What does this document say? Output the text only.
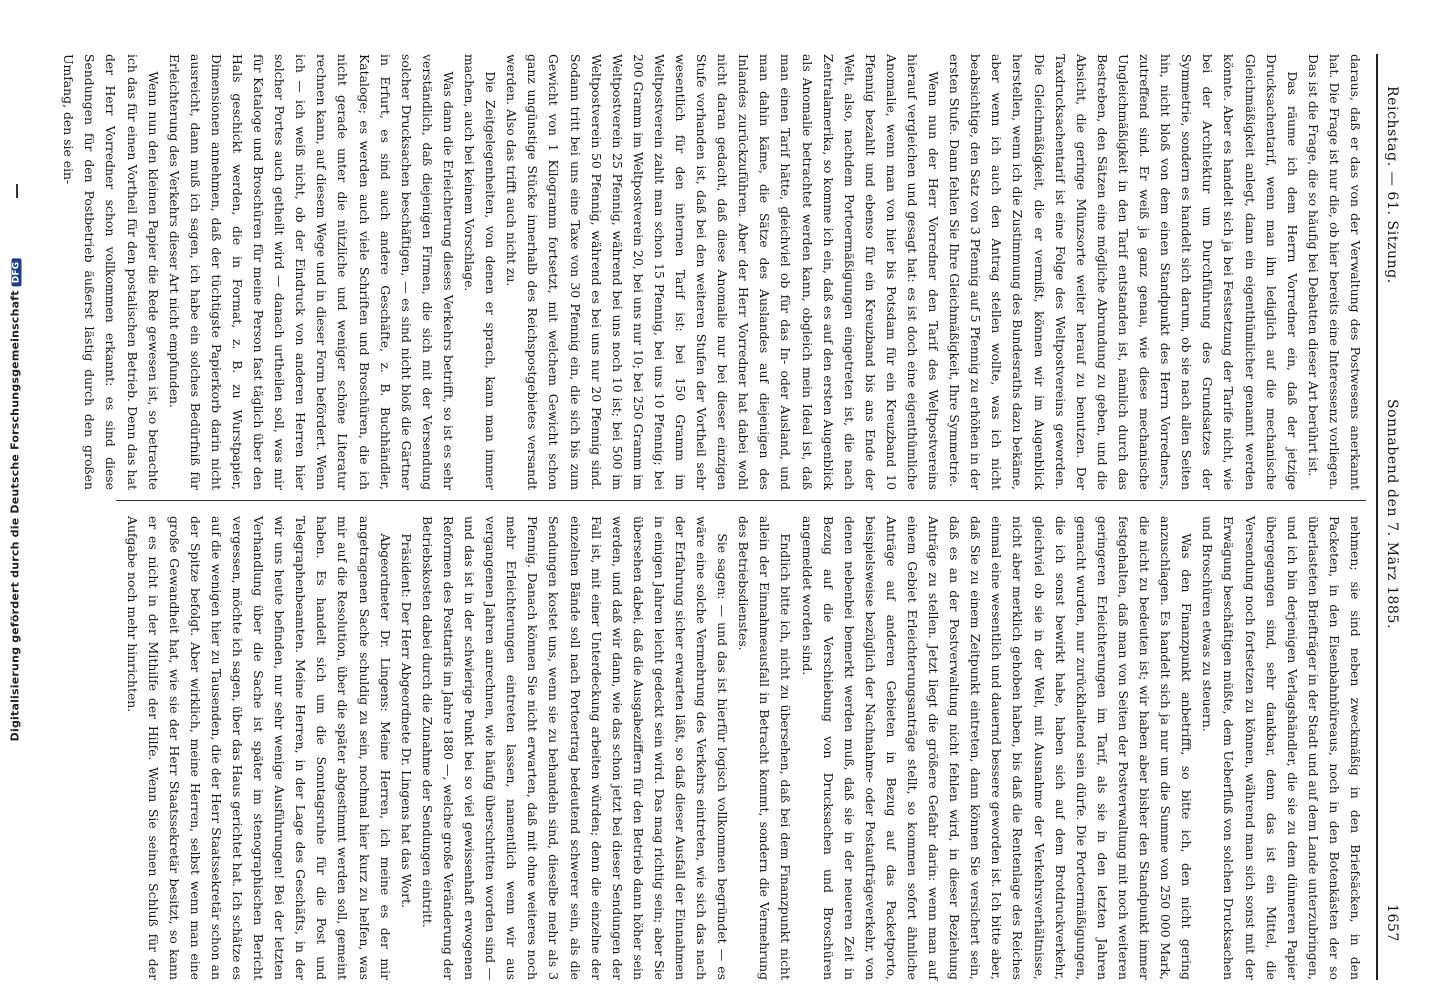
Digitalisierung gefördert durch die Deutsche ForschungsgemeinschaftDFG	Reichstag. — 61. Sitzung.
Sonnabend den 7. März 1885.
1657

daraus, daß er das von der Verwaltung des Postwesens anerkannt hat. Die Frage ist nur die, ob hier bereits eine Interessenz vorliegen. Das ist die Frage, die so häufig bei Debatten dieser Art berührt ist.

Das räume ich dem Herrn Vorredner ein, daß der jetzige Drucksachentarif, wenn man ihn lediglich auf die mechanische Gleichmäßigkeit anlegt, dann ein eigenthümlicher genannt werden könnte. Aber es handelt sich ja bei Festsetzung der Tarife nicht, wie bei der Architektur um Durchführung des Grundsatzes der Symmetrie, sondern es handelt sich darum, ob sie nach allen Seiten hin, nicht bloß von dem einen Standpunkt des Herrn Vorredners, zutreffend sind. Er weiß ja ganz genau, wie diese mechanische Ungleichmäßigkeit in den Tarif entstanden ist, nämlich durch das Bestreben, den Sätzen eine mögliche Abrundung zu geben, und die Absicht, die geringe Münzsorte weiter herauf zu benutzen. Der Taxdrucksachentarif ist eine Folge des Weltpostvereins geworden. Die Gleichmäßigkeit, die er vermißt, können wir im Augenblick herstellen, wenn ich die Zustimmung des Bundesraths dazu bekäme, aber wenn ich auch den Antrag stellen wollte, was ich nicht beabsichtige, den Satz von 3 Pfennig auf 5 Pfennig zu erhöhen in der ersten Stufe. Dann fehlen Sie Ihre Gleichmäßigkeit, Ihre Symmetrie.

Wenn nun der Herr Vorredner den Tarif des Weltpostvereins hierauf vergleichen und gesagt hat: es ist doch eine eigenthümliche Anomalie, wenn man von hier bis Potsdam für ein Kreuzband 10 Pfennig bezahlt und ebenso für ein Kreuzband bis ans Ende der Welt, also, nachdem Portoermäßigungen eingetreten ist, die nach Zentralamerika, so komme ich ein, daß es auf den ersten Augenblick als Anomalie betrachtet werden kann, obgleich mein Ideal ist, daß man einen Tarif hätte, gleichviel ob für das In- oder Ausland, und man dahin käme, die Sätze des Auslandes auf diejenigen des Inlandes zurückzuführen. Aber der Herr Vorredner hat dabei wohl nicht daran gedacht, daß diese Anomalie nur bei dieser einzigen Stufe vorhanden ist, daß bei den weiteren Stufen der Vortheil sehr wesentlich für den internen Tarif ist: bei 150 Gramm im Weltpostverein zahlt man schon 15 Pfennig, bei uns 10 Pfennig; bei 200 Gramm im Weltpostverein 20, bei uns nur 10; bei 250 Gramm im Weltpostverein 25 Pfennig, während bei uns noch 10 ist; bei 500 im Weltpostverein 50 Pfennig, während es bei uns nur 20 Pfennig sind. Sodann tritt bei uns eine Taxe von 30 Pfennig ein, die sich bis zum Gewicht von 1 Kilogramm fortsetzt, mit welchem Gewicht schon ganz ungünstige Stücke innerhalb des Reichspostgebietes versandt werden. Also das trifft auch nicht zu.

Die Zeitgelegenheiten, von denen er sprach, kann man immer machen, auch bei keinem Vorschlage.

Was dann die Erleichterung dieses Verkehrs betrifft, so ist es sehr verständlich, daß diejenigen Firmen, die sich mit der Versendung solcher Drucksachen beschäftigen, — es sind nicht bloß die Gärtner in Erfurt, es sind auch andere Geschäfte, z. B. Buchhändler, Kataloge; es werden auch viele Schriften und Broschüren, die ich nicht gerade unter die nützliche und weniger schöne Literatur rechnen kann, auf diesem Wege und in dieser Form befördert. Wenn ich — ich weiß nicht, ob der Eindruck von anderen Herren hier solcher Portes auch getheilt wird — danach urtheilen soll, was mir für Kataloge und Broschüren für meine Person fast täglich über den Hals geschickt werden, die in Format, z. B. zu Wurstpapier, Dimensionen annehmen, daß der tüchtigste Papierkorb darin nicht ausreicht, dann muß ich sagen, ich habe ein solches Bedürfniß für Erleichterung des Verkehrs dieser Art nicht empfunden.

Wenn nun den kleinen Papier die Rede gewesen ist, so betrachte ich das für einen Vortheil für den postalischen Betrieb. Denn das hat der Herr Vorredner schon vollkommen erkannt: es sind diese Sendungen für den Postbetrieb äußerst lästig durch den großen Umfang, den sie ein-

nehmen; sie sind neben zweckmäßig in den Briefsäcken, in den Packeten, in den Eisenbahnbüreaus, noch in den Botenkästen der so überlasteten Briefträger in der Stadt und auf dem Lande unterzubringen, und ich bin derjenigen Verlagshändler, die sie zu dem dünneren Papier übergegangen sind, sehr dankbar, denn das ist ein Mittel, die Versendung noch fortsetzen zu können, während man sich sonst mit der Erwägung beschäftigen müßte, dem Ueberfluß von solchen Drucksachen und Broschüren etwas zu steuern.

Was den Finanzpunkt anbetrifft, so bitte ich, den nicht gering anzuschlagen. Es handelt sich ja nur um die Summe von 250 000 Mark, die nicht zu bedeuten ist; wir haben aber bisher den Standpunkt immer festgehalten, daß man von Seiten der Postverwaltung mit noch weiteren geringeren Erleichterungen im Tarif, als sie in den letzten Jahren gemacht wurden, nur zurückhaltend sein dürfe. Die Portoermäßigungen, die ich sonst bewirkt habe, haben sich auf dem Brotdruckverkehr, gleichviel ob sie in der Welt, mit Ausnahme der Verkehrsverhältnisse, nicht aber merklich gehoben haben, bis daß die Rentenlage des Reiches einmal eine wesentlich und dauernd bessere geworden ist. Ich bitte aber, daß Sie zu einem Zeitpunkt eintreten, dann können Sie versichert sein, daß es an der Postverwaltung nicht fehlen wird, in dieser Beziehung Anträge zu stellen. Jetzt liegt die größere Gefahr darin: wenn man auf einem Gebiet Erleichterungsanträge stellt, so kommen sofort ähnliche Anträge auf anderen Gebieten in Bezug auf das Packetporto, beispielsweise bezüglich der Nachnahme- oder Postaufträgeverkehr, von denen nebenbei bemerkt werden muß, daß sie in der neueren Zeit in Bezug auf die Verschiebung von Drucksachen und Broschüren angemeldet worden sind.

Endlich bitte ich, nicht zu übersehen, daß bei dem Finanzpunkt nicht allein der Einnahmeausfall in Betracht kommt, sondern die Vermehrung des Betriebsdienstes.

Sie sagen: — und das ist hierfür logisch vollkommen begründet — es wäre eine solche Vermehrung des Verkehrs eintreten, wie sich das nach der Erfahrung sicher erwarten läßt, so daß dieser Ausfall der Einnahmen in einigen Jahren leicht gedeckt sein wird. Das mag richtig sein; aber Sie übersehen dabei, daß die Ausgabeziffern für den Betrieb dann höher sein werden, und daß wir dann, wie das schon jetzt bei dieser Sendungen der Fall ist, mit einer Unterdeckung arbeiten würden; denn die einzelne der einzelnen Bände soll nach Portoertrag bedeutend schwerer sein, als die Sendungen kostet uns, wenn sie zu behandeln sind, dieselbe mehr als 3 Pfennig. Danach können Sie nicht erwarten, daß mit ohne weiteres noch mehr Erleichterungen eintreten lassen, namentlich wenn wir aus vergangenen Jahren anrechnen, wie häufig überschritten worden sind — und das ist in der schwierige Punkt bei so viel gewissenhaft erwogenen Reformen des Posttarifs im Jahre 1880 —, welche große Veränderung der Betriebskosten dabei durch die Zunahme der Sendungen eintritt.

Präsident: Der Herr Abgeordnete Dr. Lingens hat das Wort.

Abgeordneter Dr. Lingens: Meine Herren, ich meine es der mir angetragenen Sache schuldig zu sein, nochmal hier kurz zu helfen, was mir auf die Resolution, über die später abgestimmt werden soll, gemeint haben. Es handelt sich um die Sonntagsruhe für die Post und Telegraphenbeamten. Meine Herren, in der Lage des Geschäfts, in der wir uns heute befinden, nur sehr wenige Ausführungen! Bei der letzten Verhandlung über die Sache ist später im stenographischen Bericht vergessen, möchte ich sagen, über das Haus gerichtet hat. Ich schätze es auf die wenigen hier zu Tausenden, die der Herr Staatssekretär schon an der Spitze befolgt. Aber wirklich, meine Herren, selbst wenn man eine große Gewandheit hat, wie sie der Herr Staatssekretär besitzt, so kann er es nicht in der Mithilfe der Hilfe. Wenn Sie seinen Schluß für der Aufgabe noch mehr hinrichten.
